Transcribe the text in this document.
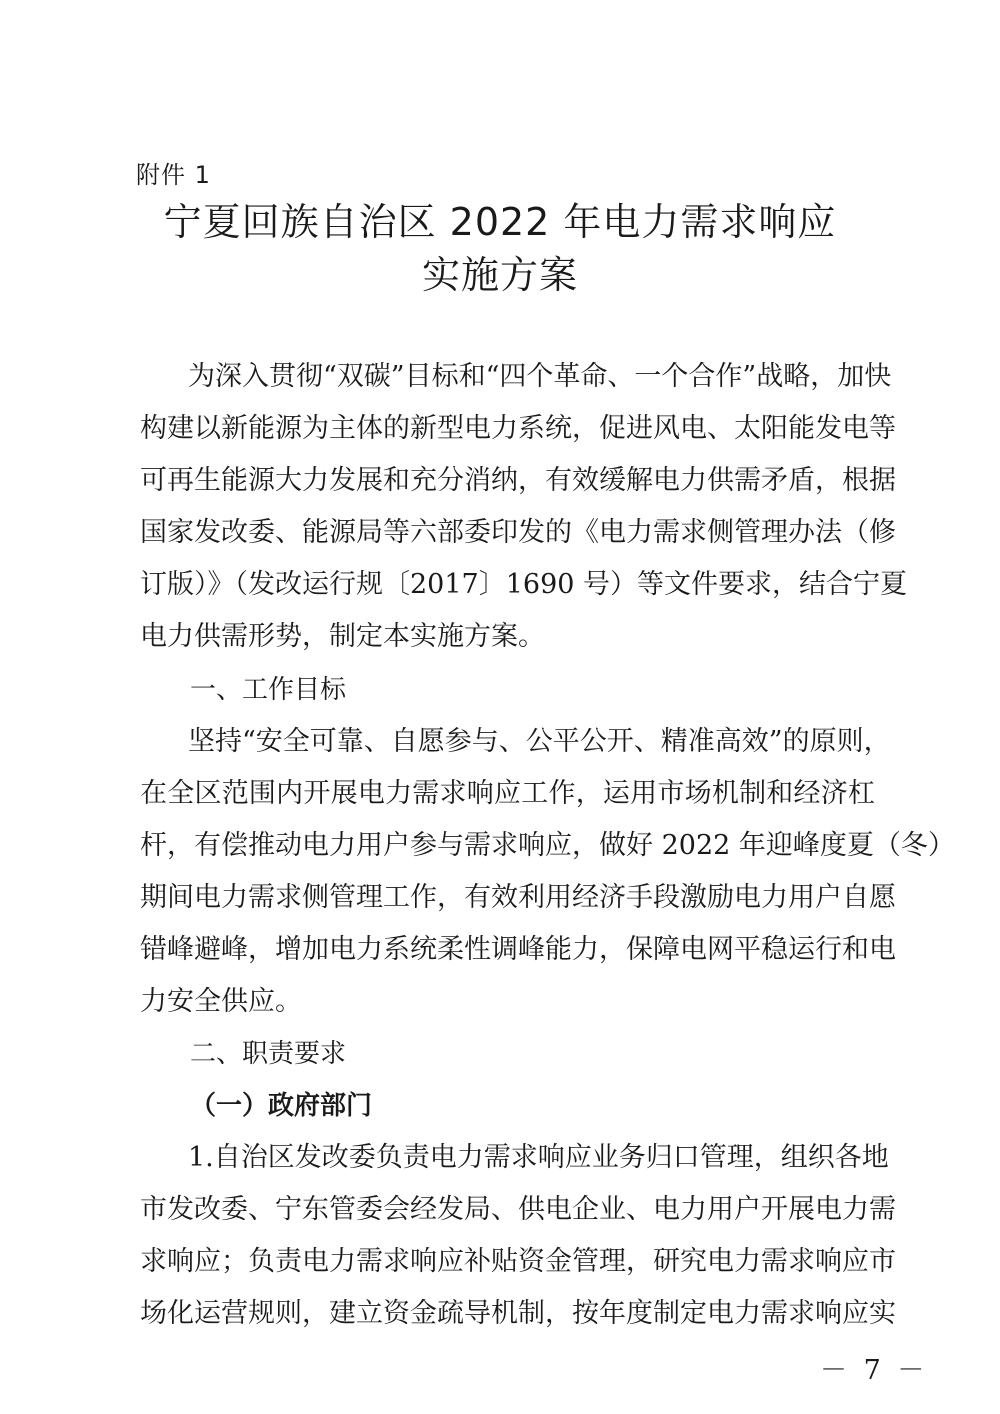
附件 1
宁夏回族自治区 2022 年电力需求响应
实施方案
为深入贯彻“双碳”目标和“四个革命、一个合作”战略，加快
构建以新能源为主体的新型电力系统，促进风电、太阳能发电等
可再生能源大力发展和充分消纳，有效缓解电力供需矛盾，根据
国家发改委、能源局等六部委印发的《电力需求侧管理办法（修
订版）》（发改运行规〔2017〕1690 号）等文件要求，结合宁夏
电力供需形势，制定本实施方案。
一、工作目标
坚持“安全可靠、自愿参与、公平公开、精准高效”的原则，
在全区范围内开展电力需求响应工作，运用市场机制和经济杠
杆，有偿推动电力用户参与需求响应，做好 2022 年迎峰度夏（冬）
期间电力需求侧管理工作，有效利用经济手段激励电力用户自愿
错峰避峰，增加电力系统柔性调峰能力，保障电网平稳运行和电
力安全供应。
二、职责要求
（一）政府部门
1.自治区发改委负责电力需求响应业务归口管理，组织各地
市发改委、宁东管委会经发局、供电企业、电力用户开展电力需
求响应；负责电力需求响应补贴资金管理，研究电力需求响应市
场化运营规则，建立资金疏导机制，按年度制定电力需求响应实
－ 7 －
